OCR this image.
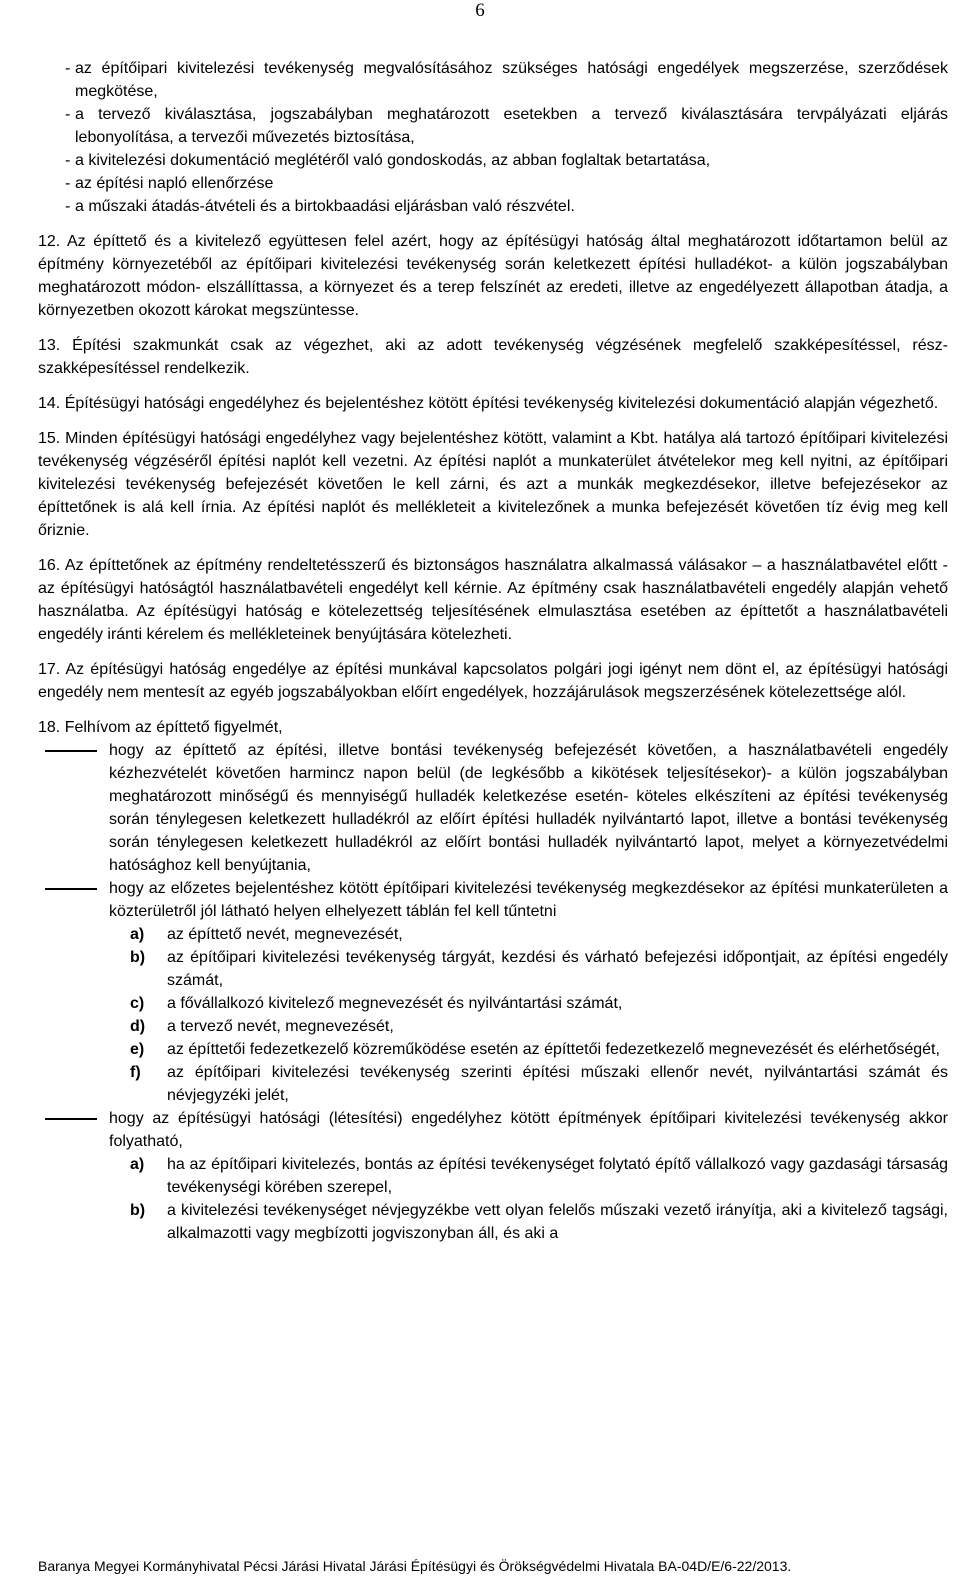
6
- az építőipari kivitelezési tevékenység megvalósításához szükséges hatósági engedélyek megszerzése, szerződések megkötése,
- a tervező kiválasztása, jogszabályban meghatározott esetekben a tervező kiválasztására tervpályázati eljárás lebonyolítása, a tervezői művezetés biztosítása,
- a kivitelezési dokumentáció meglétéről való gondoskodás, az abban foglaltak betartatása,
- az építési napló ellenőrzése
- a műszaki átadás-átvételi és a birtokbaadási eljárásban való részvétel.

12. Az építtető és a kivitelező együttesen felel azért, hogy az építésügyi hatóság által meghatározott időtartamon belül az építmény környezetéből az építőipari kivitelezési tevékenység során keletkezett építési hulladékot- a külön jogszabályban meghatározott módon- elszállíttassa, a környezet és a terep felszínét az eredeti, illetve az engedélyezett állapotban átadja, a környezetben okozott károkat megszüntesse.

13. Építési szakmunkát csak az végezhet, aki az adott tevékenység végzésének megfelelő szakképesítéssel, rész-szakképesítéssel rendelkezik.

14. Építésügyi hatósági engedélyhez és bejelentéshez kötött építési tevékenység kivitelezési dokumentáció alapján végezhető.

15. Minden építésügyi hatósági engedélyhez vagy bejelentéshez kötött, valamint a Kbt. hatálya alá tartozó építőipari kivitelezési tevékenység végzéséről építési naplót kell vezetni. Az építési naplót a munkaterület átvételekor meg kell nyitni, az építőipari kivitelezési tevékenység befejezését követően le kell zárni, és azt a munkák megkezdésekor, illetve befejezésekor az építtetőnek is alá kell írnia. Az építési naplót és mellékleteit a kivitelezőnek a munka befejezését követően tíz évig meg kell őriznie.

16. Az építtetőnek az építmény rendeltetésszerű és biztonságos használatra alkalmassá válásakor – a használatbavétel előtt - az építésügyi hatóságtól használatbavételi engedélyt kell kérnie. Az építmény csak használatbavételi engedély alapján vehető használatba. Az építésügyi hatóság e kötelezettség teljesítésének elmulasztása esetében az építtetőt a használatbavételi engedély iránti kérelem és mellékleteinek benyújtására kötelezheti.

17. Az építésügyi hatóság engedélye az építési munkával kapcsolatos polgári jogi igényt nem dönt el, az építésügyi hatósági engedély nem mentesít az egyéb jogszabályokban előírt engedélyek, hozzájárulások megszerzésének kötelezettsége alól.

18. Felhívom az építtető figyelmét,

hogy az építtető az építési, illetve bontási tevékenység befejezését követően, a használatbavételi engedély kézhezvételét követően harmincz napon belül (de legkésőbb a kikötések teljesítésekor)- a külön jogszabályban meghatározott minőségű és mennyiségű hulladék keletkezése esetén- köteles elkészíteni az építési tevékenység során ténylegesen keletkezett hulladékról az előírt építési hulladék nyilvántartó lapot, illetve a bontási tevékenység során ténylegesen keletkezett hulladékról az előírt bontási hulladék nyilvántartó lapot, melyet a környezetvédelmi hatósághoz kell benyújtania,
hogy az előzetes bejelentéshez kötött építőipari kivitelezési tevékenység megkezdésekor az építési munkaterületen a közterületről jól látható helyen elhelyezett táblán fel kell tűntetni
a)	az építtető nevét, megnevezését,
b)	az építőipari kivitelezési tevékenység tárgyát, kezdési és várható befejezési időpontjait, az építési engedély számát,
c)	a fővállalkozó kivitelező megnevezését és nyilvántartási számát,
d)	a tervező nevét, megnevezését,
e)	az építtetői fedezetkezelő közreműködése esetén az építtetői fedezetkezelő megnevezését és elérhetőségét,
f)	az építőipari kivitelezési tevékenység szerinti építési műszaki ellenőr nevét, nyilvántartási számát és névjegyzéki jelét,
hogy az építésügyi hatósági (létesítési) engedélyhez kötött építmények építőipari kivitelezési tevékenység akkor folyatható,
a)	ha az építőipari kivitelezés, bontás az építési tevékenységet folytató építő vállalkozó vagy gazdasági társaság tevékenységi körében szerepel,
b)	a kivitelezési tevékenységet névjegyzékbe vett olyan felelős műszaki vezető irányítja, aki a kivitelező tagsági, alkalmazotti vagy megbízotti jogviszonyban áll, és aki a
Baranya Megyei Kormányhivatal Pécsi Járási Hivatal Járási Építésügyi és Örökségvédelmi Hivatala BA-04D/E/6-22/2013.
